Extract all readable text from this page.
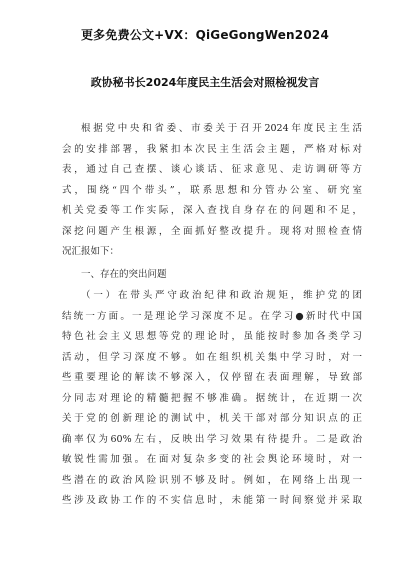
更多免费公文+VX：QiGeGongWen2024
政协秘书长2024年度民主生活会对照检视发言
根据党中央和省委、市委关于召开2024年度民主生活
会的安排部署，我紧扣本次民主生活会主题，严格对标对
表，通过自己查摆、谈心谈话、征求意见、走访调研等方
式，围绕“四个带头”，联系思想和分管办公室、研究室
机关党委等工作实际，深入查找自身存在的问题和不足，
深挖问题产生根源，全面抓好整改提升。现将对照检查情
况汇报如下：
一、存在的突出问题
（一）在带头严守政治纪律和政治规矩，维护党的团
结统一方面。一是理论学习深度不足。在学习●新时代中国
特色社会主义思想等党的理论时，虽能按时参加各类学习
活动，但学习深度不够。如在组织机关集中学习时，对一
些重要理论的解读不够深入，仅停留在表面理解，导致部
分同志对理论的精髓把握不够准确。据统计，在近期一次
关于党的创新理论的测试中，机关干部对部分知识点的正
确率仅为60%左右，反映出学习效果有待提升。二是政治
敏锐性需加强。在面对复杂多变的社会舆论环境时，对一
些潜在的政治风险识别不够及时。例如，在网络上出现一
些涉及政协工作的不实信息时，未能第一时间察觉并采取
